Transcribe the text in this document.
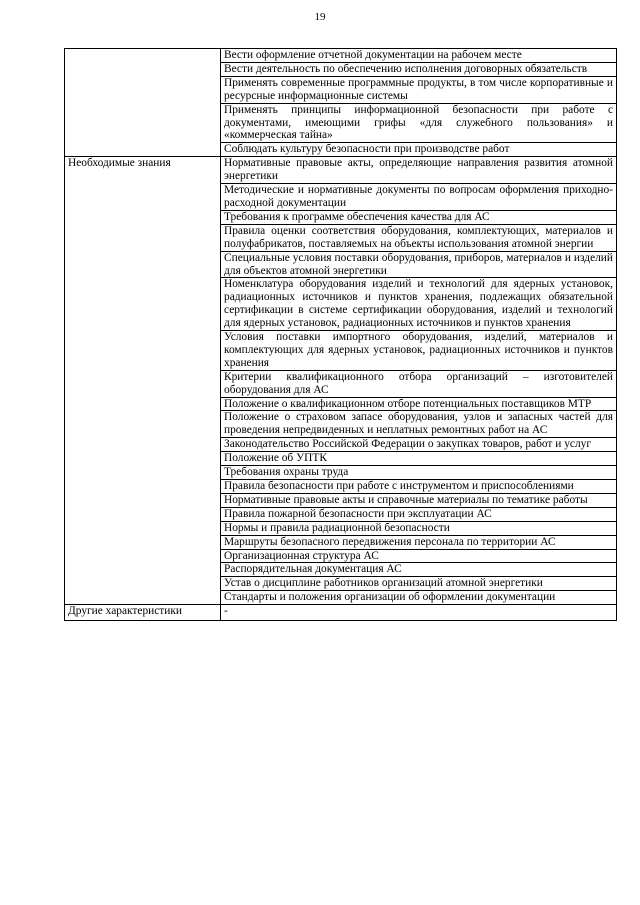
19
	Вести оформление отчетной документации на рабочем месте
	Вести деятельность по обеспечению исполнения договорных обязательств
	Применять современные программные продукты, в том числе корпоративные и ресурсные информационные системы
	Применять принципы информационной безопасности при работе с документами, имеющими грифы «для служебного пользования» и «коммерческая тайна»
	Соблюдать культуру безопасности при производстве работ
Необходимые знания	Нормативные правовые акты, определяющие направления развития атомной энергетики
	Методические и нормативные документы по вопросам оформления приходно-расходной документации
	Требования к программе обеспечения качества для АС
	Правила оценки соответствия оборудования, комплектующих, материалов и полуфабрикатов, поставляемых на объекты использования атомной энергии
	Специальные условия поставки оборудования, приборов, материалов и изделий для объектов атомной энергетики
	Номенклатура оборудования изделий и технологий для ядерных установок, радиационных источников и пунктов хранения, подлежащих обязательной сертификации в системе сертификации оборудования, изделий и технологий для ядерных установок, радиационных источников и пунктов хранения
	Условия поставки импортного оборудования, изделий, материалов и комплектующих для ядерных установок, радиационных источников и пунктов хранения
	Критерии квалификационного отбора организаций – изготовителей оборудования для АС
	Положение о квалификационном отборе потенциальных поставщиков МТР
	Положение о страховом запасе оборудования, узлов и запасных частей для проведения непредвиденных и неплатных ремонтных работ на АС
	Законодательство Российской Федерации о закупках товаров, работ и услуг
	Положение об УПТК
	Требования охраны труда
	Правила безопасности при работе с инструментом и приспособлениями
	Нормативные правовые акты и справочные материалы по тематике работы
	Правила пожарной безопасности при эксплуатации АС
	Нормы и правила радиационной безопасности
	Маршруты безопасного передвижения персонала по территории АС
	Организационная структура АС
	Распорядительная документация АС
	Устав о дисциплине работников организаций атомной энергетики
	Стандарты и положения организации об оформлении документации
Другие характеристики	-
